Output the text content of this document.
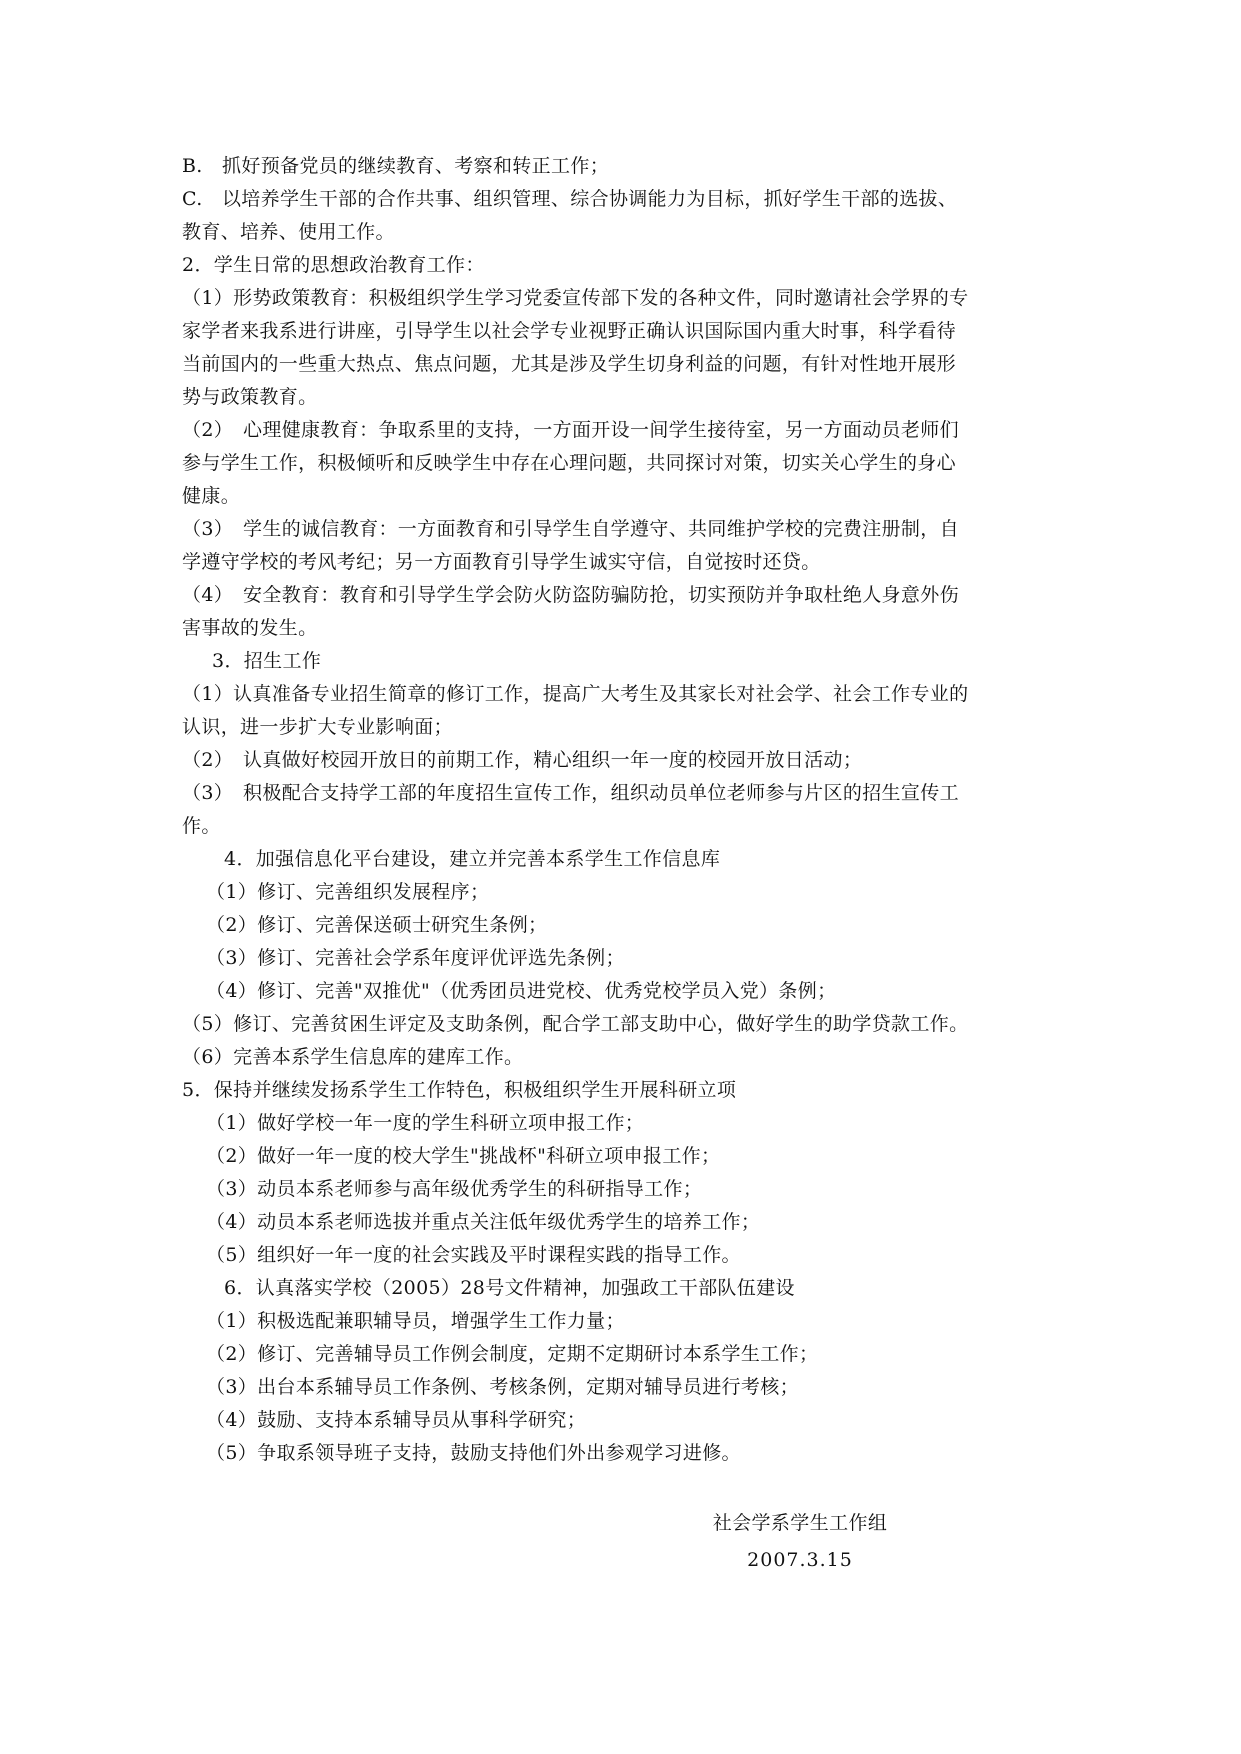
B.　抓好预备党员的继续教育、考察和转正工作；
C.　以培养学生干部的合作共事、组织管理、综合协调能力为目标，抓好学生干部的选拔、
教育、培养、使用工作。
2．学生日常的思想政治教育工作：
（1）形势政策教育：积极组织学生学习党委宣传部下发的各种文件，同时邀请社会学界的专
家学者来我系进行讲座，引导学生以社会学专业视野正确认识国际国内重大时事，科学看待
当前国内的一些重大热点、焦点问题，尤其是涉及学生切身利益的问题，有针对性地开展形
势与政策教育。
（2）　心理健康教育：争取系里的支持，一方面开设一间学生接待室，另一方面动员老师们
参与学生工作，积极倾听和反映学生中存在心理问题，共同探讨对策，切实关心学生的身心
健康。
（3）　学生的诚信教育：一方面教育和引导学生自学遵守、共同维护学校的完费注册制，自
学遵守学校的考风考纪；另一方面教育引导学生诚实守信，自觉按时还贷。
（4）　安全教育：教育和引导学生学会防火防盗防骗防抢，切实预防并争取杜绝人身意外伤
害事故的发生。
3．招生工作
（1）认真准备专业招生简章的修订工作，提高广大考生及其家长对社会学、社会工作专业的
认识，进一步扩大专业影响面；
（2）　认真做好校园开放日的前期工作，精心组织一年一度的校园开放日活动；
（3）　积极配合支持学工部的年度招生宣传工作，组织动员单位老师参与片区的招生宣传工
作。
4．加强信息化平台建设，建立并完善本系学生工作信息库
（1）修订、完善组织发展程序；
（2）修订、完善保送硕士研究生条例；
（3）修订、完善社会学系年度评优评选先条例；
（4）修订、完善"双推优"（优秀团员进党校、优秀党校学员入党）条例；
（5）修订、完善贫困生评定及支助条例，配合学工部支助中心，做好学生的助学贷款工作。
（6）完善本系学生信息库的建库工作。
5．保持并继续发扬系学生工作特色，积极组织学生开展科研立项
（1）做好学校一年一度的学生科研立项申报工作；
（2）做好一年一度的校大学生"挑战杯"科研立项申报工作；
（3）动员本系老师参与高年级优秀学生的科研指导工作；
（4）动员本系老师选拔并重点关注低年级优秀学生的培养工作；
（5）组织好一年一度的社会实践及平时课程实践的指导工作。
6．认真落实学校（2005）28号文件精神，加强政工干部队伍建设
（1）积极选配兼职辅导员，增强学生工作力量；
（2）修订、完善辅导员工作例会制度，定期不定期研讨本系学生工作；
（3）出台本系辅导员工作条例、考核条例，定期对辅导员进行考核；
（4）鼓励、支持本系辅导员从事科学研究；
（5）争取系领导班子支持，鼓励支持他们外出参观学习进修。
社会学系学生工作组
2007.3.15
